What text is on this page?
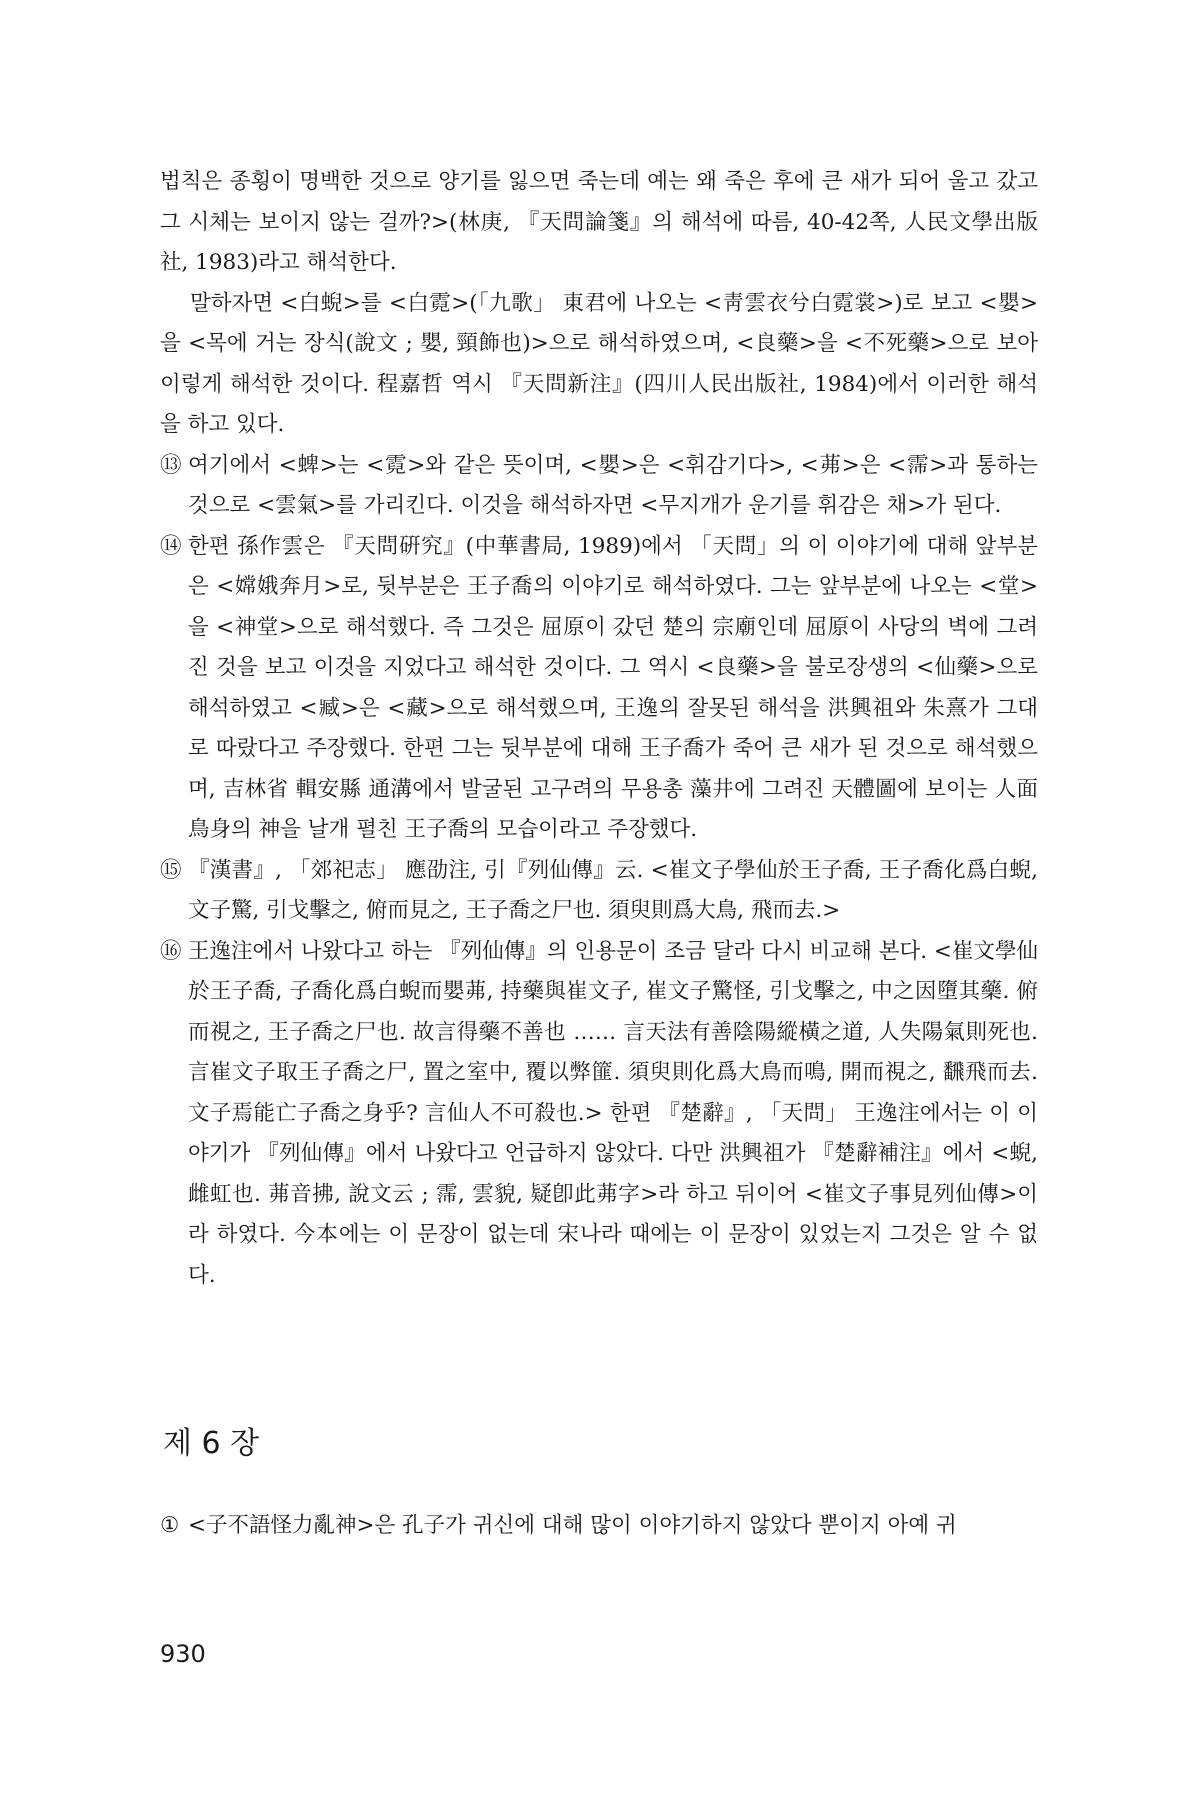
법칙은 종횡이 명백한 것으로 양기를 잃으면 죽는데 예는 왜 죽은 후에 큰 새가 되어 울고 갔고 그 시체는 보이지 않는 걸까?>(林庚, 『天問論箋』의 해석에 따름, 40-42쪽, 人民文學出版社, 1983)라고 해석한다.

말하자면 <白蜺>를 <白霓>(「九歌」 東君에 나오는 <靑雲衣兮白霓裳>)로 보고 <嬰>을 <목에 거는 장식(說文 ; 嬰, 頸飾也)>으로 해석하였으며, <良藥>을 <不死藥>으로 보아 이렇게 해석한 것이다. 程嘉哲 역시 『天問新注』(四川人民出版社, 1984)에서 이러한 해석을 하고 있다.

⑬ 여기에서 <蜱>는 <霓>와 같은 뜻이며, <嬰>은 <휘감기다>, <茀>은 <霈>과 통하는 것으로 <雲氣>를 가리킨다. 이것을 해석하자면 <무지개가 운기를 휘감은 채>가 된다.
⑭ 한편 孫作雲은 『天問硏究』(中華書局, 1989)에서 「天問」의 이 이야기에 대해 앞부분은 <嫦娥奔月>로, 뒷부분은 王子喬의 이야기로 해석하였다. 그는 앞부분에 나오는 <堂>을 <神堂>으로 해석했다. 즉 그것은 屈原이 갔던 楚의 宗廟인데 屈原이 사당의 벽에 그려진 것을 보고 이것을 지었다고 해석한 것이다. 그 역시 <良藥>을 불로장생의 <仙藥>으로 해석하였고 <臧>은 <藏>으로 해석했으며, 王逸의 잘못된 해석을 洪興祖와 朱熹가 그대로 따랐다고 주장했다. 한편 그는 뒷부분에 대해 王子喬가 죽어 큰 새가 된 것으로 해석했으며, 吉林省 輯安縣 通溝에서 발굴된 고구려의 무용총 藻井에 그려진 天體圖에 보이는 人面鳥身의 神을 날개 펼친 王子喬의 모습이라고 주장했다.
⑮ 『漢書』, 「郊祀志」 應劭注, 引『列仙傳』云. <崔文子學仙於王子喬, 王子喬化爲白蜺, 文子驚, 引戈擊之, 俯而見之, 王子喬之尸也. 須臾則爲大鳥, 飛而去.>
⑯ 王逸注에서 나왔다고 하는 『列仙傳』의 인용문이 조금 달라 다시 비교해 본다. <崔文學仙於王子喬, 子喬化爲白蜺而嬰茀, 持藥與崔文子, 崔文子驚怪, 引戈擊之, 中之因墮其藥. 俯而視之, 王子喬之尸也. 故言得藥不善也 …… 言天法有善陰陽縱橫之道, 人失陽氣則死也. 言崔文子取王子喬之尸, 置之室中, 覆以弊篚. 須臾則化爲大鳥而鳴, 開而視之, 飜飛而去. 文子焉能亡子喬之身乎? 言仙人不可殺也.> 한편 『楚辭』, 「天問」 王逸注에서는 이 이야기가 『列仙傳』에서 나왔다고 언급하지 않았다. 다만 洪興祖가 『楚辭補注』에서 <蜺, 雌虹也. 茀音拂, 說文云 ; 霈, 雲貌, 疑卽此茀字>라 하고 뒤이어 <崔文子事見列仙傳>이라 하였다. 今本에는 이 문장이 없는데 宋나라 때에는 이 문장이 있었는지 그것은 알 수 없다.
제 6 장
① <子不語怪力亂神>은 孔子가 귀신에 대해 많이 이야기하지 않았다 뿐이지 아예 귀
930
